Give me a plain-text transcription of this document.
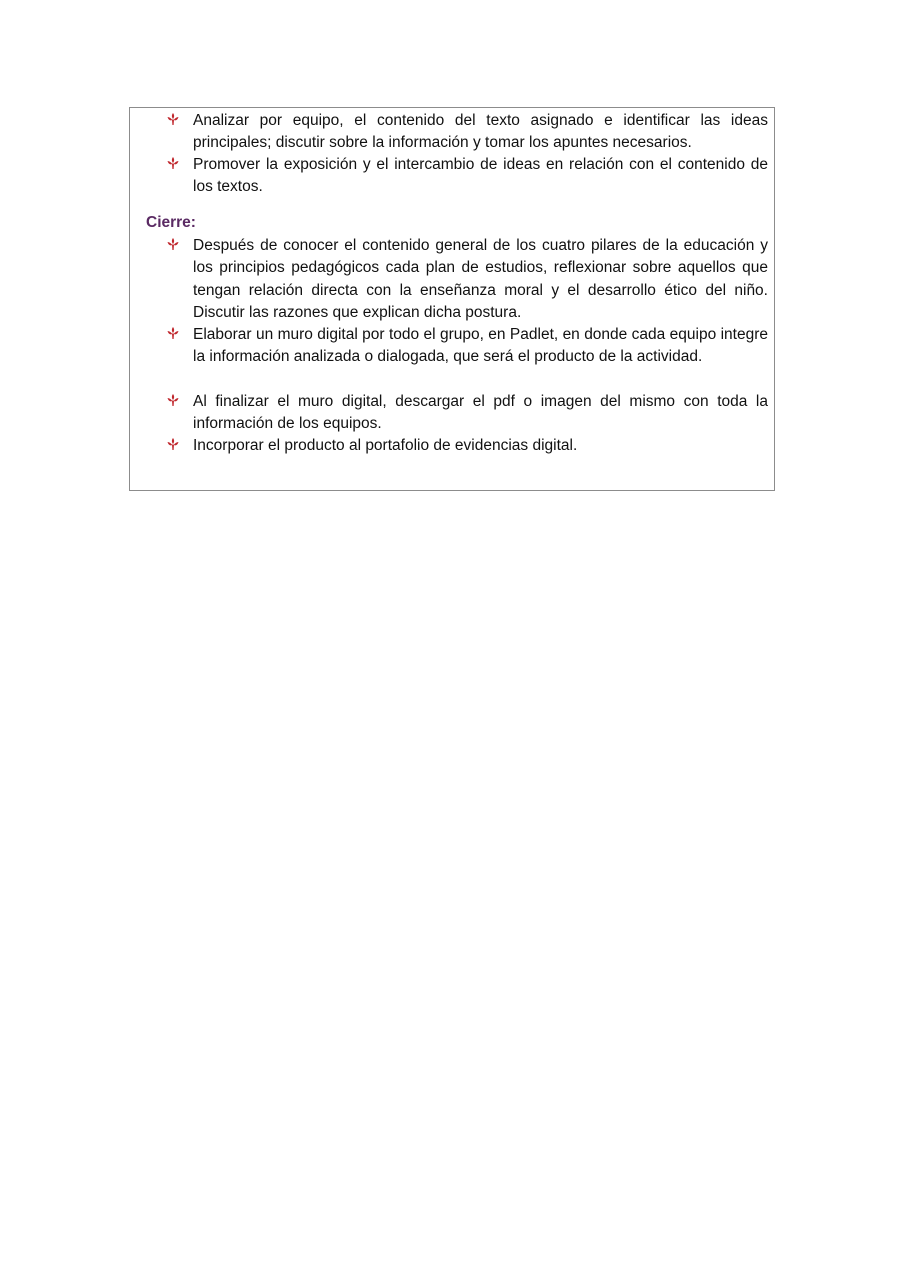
Analizar por equipo, el contenido del texto asignado e identificar las ideas principales; discutir sobre la información y tomar los apuntes necesarios.
Promover la exposición y el intercambio de ideas en relación con el contenido de los textos.
Cierre:
Después de conocer el contenido general de los cuatro pilares de la educación y los principios pedagógicos cada plan de estudios, reflexionar sobre aquellos que tengan relación directa con la enseñanza moral y el desarrollo ético del niño. Discutir las razones que explican dicha postura.
Elaborar un muro digital por todo el grupo, en Padlet, en donde cada equipo integre la información analizada o dialogada, que será el producto de la actividad.
Al finalizar el muro digital, descargar el pdf o imagen del mismo con toda la información de los equipos.
Incorporar el producto al portafolio de evidencias digital.
